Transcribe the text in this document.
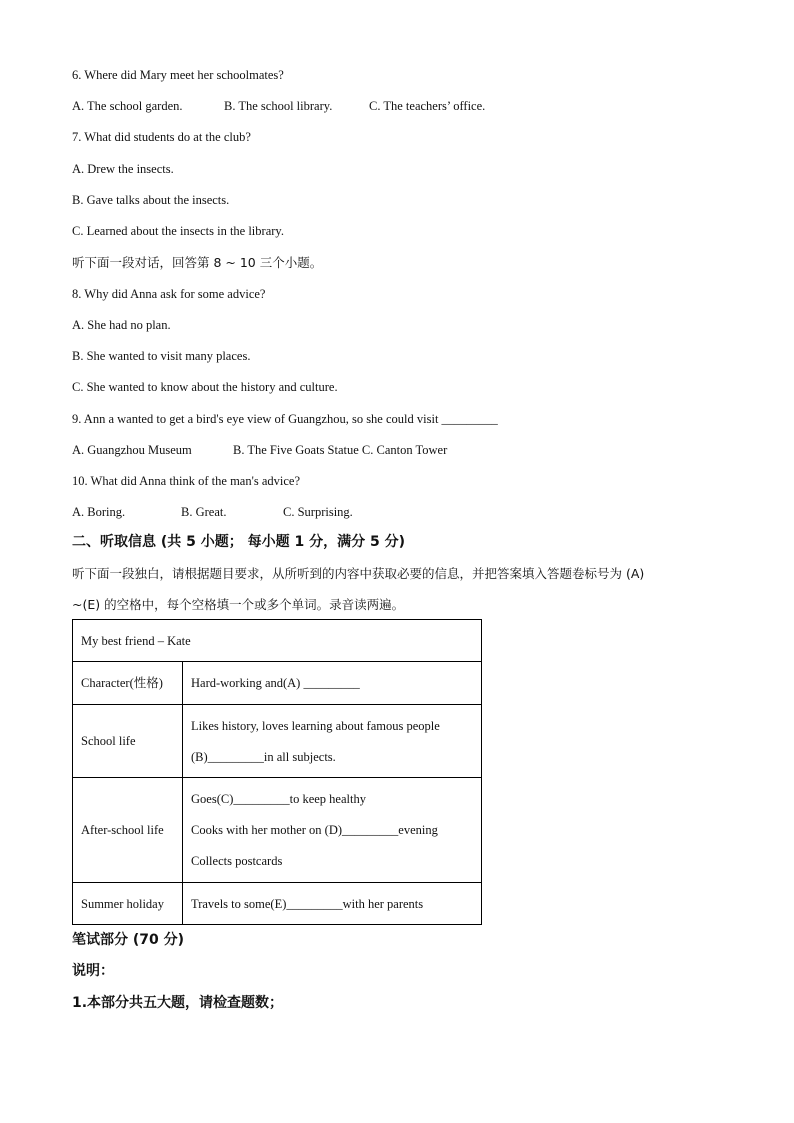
6. Where did Mary meet her schoolmates?
A. The school garden.	B. The school library.	C. The teachers’ office.
7. What did students do at the club?
A. Drew the insects.
B. Gave talks about the insects.
C. Learned about the insects in the library.
听下面一段对话，回答第 8 ~ 10 三个小题。
8. Why did Anna ask for some advice?
A. She had no plan.
B. She wanted to visit many places.
C. She wanted to know about the history and culture.
9. Ann a wanted to get a bird's eye view of Guangzhou, so she could visit _________
A. Guangzhou Museum	B. The Five Goats Statue C. Canton Tower
10. What did Anna think of the man's advice?
A. Boring.	B. Great.	C. Surprising.
二、听取信息 (共 5 小题； 每小题 1 分，满分 5 分)
听下面一段独白，请根据题目要求，从所听到的内容中获取必要的信息，并把答案填入答题卷标号为 (A)
~(E) 的空格中，每个空格填一个或多个单词。录音读两遍。
My best friend – Kate	
Character(性格)	Hard-working and(A) _________

School life	Likes history, loves learning about famous people
(B)_________in all subjects.

After-school life	Goes(C)_________to keep healthy
Cooks with her mother on (D)_________evening
Collects postcards

Summer holiday	Travels to some(E)_________with her parents
笔试部分 (70 分)
说明：
1.本部分共五大题，请检查题数；
